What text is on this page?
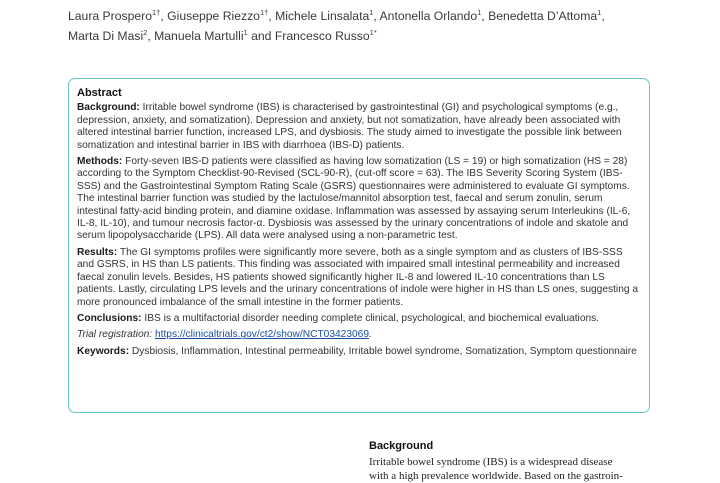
Laura Prospero$^{1\dagger}$, Giuseppe Riezzo$^{1\dagger}$, Michele Linsalata$^1$, Antonella Orlando$^1$, Benedetta D’Attoma$^1$,
Marta Di Masi$^2$, Manuela Martulli$^1$ and Francesco Russo$^{1*}$
Abstract

Background: Irritable bowel syndrome (IBS) is characterised by gastrointestinal (GI) and psychological symptoms (e.g., depression, anxiety, and somatization). Depression and anxiety, but not somatization, have already been associated with altered intestinal barrier function, increased LPS, and dysbiosis. The study aimed to investigate the possible link between somatization and intestinal barrier in IBS with diarrhoea (IBS-D) patients.

Methods: Forty-seven IBS-D patients were classified as having low somatization (LS = 19) or high somatization (HS = 28) according to the Symptom Checklist-90-Revised (SCL-90-R), (cut-off score = 63). The IBS Severity Scoring System (IBS-SSS) and the Gastrointestinal Symptom Rating Scale (GSRS) questionnaires were administered to evaluate GI symptoms. The intestinal barrier function was studied by the lactulose/mannitol absorption test, faecal and serum zonulin, serum intestinal fatty-acid binding protein, and diamine oxidase. Inflammation was assessed by assaying serum Interleukins (IL-6, IL-8, IL-10), and tumour necrosis factor-α. Dysbiosis was assessed by the urinary concentrations of indole and skatole and serum lipopolysaccharide (LPS). All data were analysed using a non-parametric test.

Results: The GI symptoms profiles were significantly more severe, both as a single symptom and as clusters of IBS-SSS and GSRS, in HS than LS patients. This finding was associated with impaired small intestinal permeability and increased faecal zonulin levels. Besides, HS patients showed significantly higher IL-8 and lowered IL-10 concentrations than LS patients. Lastly, circulating LPS levels and the urinary concentrations of indole were higher in HS than LS ones, suggesting a more pronounced imbalance of the small intestine in the former patients.

Conclusions: IBS is a multifactorial disorder needing complete clinical, psychological, and biochemical evaluations.

Trial registration: https://clinicaltrials.gov/ct2/show/NCT03423069.

Keywords: Dysbiosis, Inflammation, Intestinal permeability, Irritable bowel syndrome, Somatization, Symptom questionnaire

Background
Irritable bowel syndrome (IBS) is a widespread disease
with a high prevalence worldwide. Based on the gastroin-
